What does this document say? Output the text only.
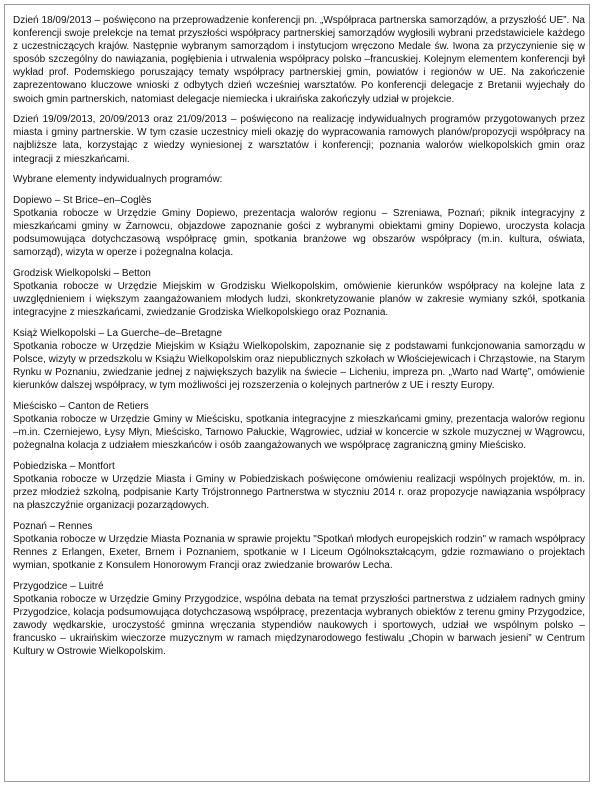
Dzień 18/09/2013 – poświęcono na przeprowadzenie konferencji pn. „Współpraca partnerska samorządów, a przyszłość UE”. Na konferencji swoje prelekcje na temat przyszłości współpracy partnerskiej samorządów wygłosili wybrani przedstawiciele każdego z uczestniczących krajów. Następnie wybranym samorządom i instytucjom wręczono Medale św. Iwona za przyczynienie się w sposób szczególny do nawiązania, pogłębienia i utrwalenia współpracy polsko –francuskiej. Kolejnym elementem konferencji był wykład prof. Podemskiego poruszający tematy współpracy partnerskiej gmin, powiatów i regionów w UE. Na zakończenie zaprezentowano kluczowe wnioski z odbytych dzień wcześniej warsztatów. Po konferencji delegacje z Bretanii wyjechały do swoich gmin partnerskich, natomiast delegacje niemiecka i ukraińska zakończyły udział w projekcie.

Dzień 19/09/2013, 20/09/2013 oraz 21/09/2013 – poświęcono na realizację indywidualnych programów przygotowanych przez miasta i gminy partnerskie. W tym czasie uczestnicy mieli okazję do wypracowania ramowych planów/propozycji współpracy na najbliższe lata, korzystając z wiedzy wyniesionej z warsztatów i konferencji; poznania walorów wielkopolskich gmin oraz integracji z mieszkańcami.

Wybrane elementy indywidualnych programów:

Dopiewo – St Brice–en–Coglès
Spotkania robocze w Urzędzie Gminy Dopiewo, prezentacja walorów regionu – Szreniawa, Poznań; piknik integracyjny z mieszkańcami gminy w Żarnowcu, objazdowe zapoznanie gości z wybranymi obiektami gminy Dopiewo, uroczysta kolacja podsumowująca dotychczasową współpracę gmin, spotkania branżowe wg obszarów współpracy (m.in. kultura, oświata, samorząd), wizyta w operze i pożegnalna kolacja.
Grodzisk Wielkopolski – Betton
Spotkania robocze w Urzędzie Miejskim w Grodzisku Wielkopolskim, omówienie kierunków współpracy na kolejne lata z uwzględnieniem i większym zaangażowaniem młodych ludzi, skonkretyzowanie planów w zakresie wymiany szkół, spotkania integracyjne z mieszkańcami, zwiedzanie Grodziska Wielkopolskiego oraz Poznania.
Książ Wielkopolski – La Guerche–de–Bretagne
Spotkania robocze w Urzędzie Miejskim w Książu Wielkopolskim, zapoznanie się z podstawami funkcjonowania samorządu w Polsce, wizyty w przedszkolu w Książu Wielkopolskim oraz niepublicznych szkołach w Włościejewicach i Chrząstowie, na Starym Rynku w Poznaniu, zwiedzanie jednej z największych bazylik na świecie – Licheniu, impreza pn. „Warto nad Wartę”, omówienie kierunków dalszej współpracy, w tym możliwości jej rozszerzenia o kolejnych partnerów z UE i reszty Europy.
Mieścisko – Canton de Retiers
Spotkania robocze w Urzędzie Gminy w Mieścisku, spotkania integracyjne z mieszkańcami gminy, prezentacja walorów regionu –m.in. Czerniejewo, Łysy Młyn, Mieścisko, Tarnowo Pałuckie, Wągrowiec, udział w koncercie w szkole muzycznej w Wągrowcu, pożegnalna kolacja z udziałem mieszkańców i osób zaangażowanych we współpracę zagraniczną gminy Mieścisko.
Pobiedziska – Montfort
Spotkania robocze w Urzędzie Miasta i Gminy w Pobiedziskach poświęcone omówieniu realizacji wspólnych projektów, m. in. przez młodzież szkolną, podpisanie Karty Trójstronnego Partnerstwa w styczniu 2014 r. oraz propozycje nawiązania współpracy na płaszczyźnie organizacji pozarządowych.
Poznań – Rennes
Spotkania robocze w Urzędzie Miasta Poznania w sprawie projektu "Spotkań młodych europejskich rodzin" w ramach współpracy Rennes z Erlangen, Exeter, Brnem i Poznaniem, spotkanie w I Liceum Ogólnokształcącym, gdzie rozmawiano o projektach wymian, spotkanie z Konsulem Honorowym Francji oraz zwiedzanie browarów Lecha.
Przygodzice – Luitré
Spotkania robocze w Urzędzie Gminy Przygodzice, wspólna debata na temat przyszłości partnerstwa z udziałem radnych gminy Przygodzice, kolacja podsumowująca dotychczasową współpracę, prezentacja wybranych obiektów z terenu gminy Przygodzice, zawody wędkarskie, uroczystość gminna wręczania stypendiów naukowych i sportowych, udział we wspólnym polsko – francusko – ukraińskim wieczorze muzycznym w ramach międzynarodowego festiwalu „Chopin w barwach jesieni” w Centrum Kultury w Ostrowie Wielkopolskim.
